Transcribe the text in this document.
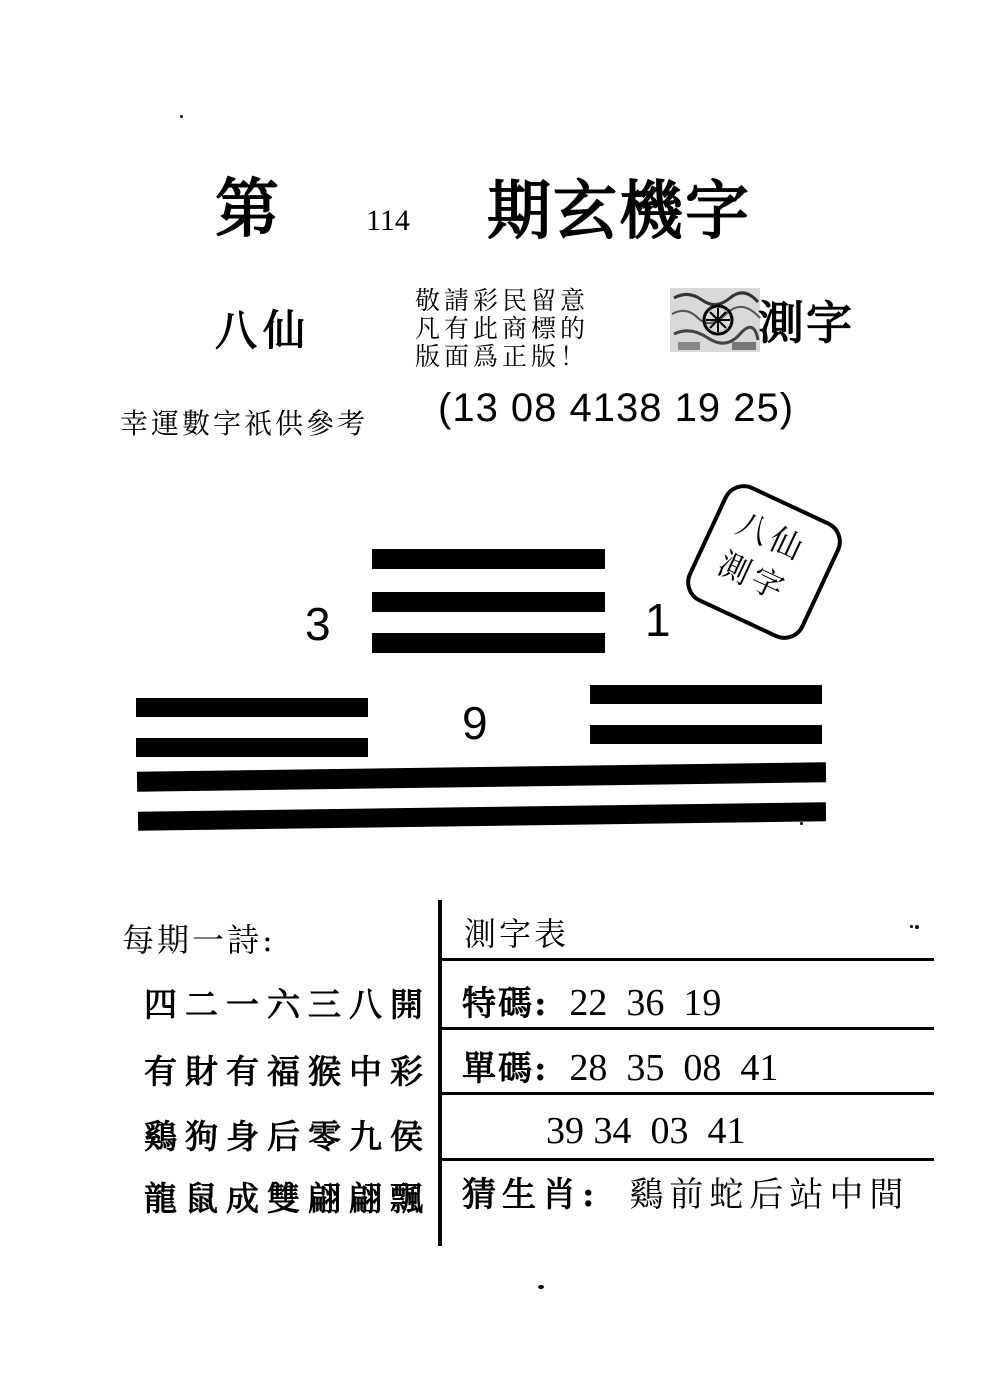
第	114 期玄機字
八仙
敬請彩民留意
凡有此商標的
版面爲正版！
測字
幸運數字祇供參考 (13 08 4138 19 25)
八仙
測字
3	1
9
每期一詩:
四二一六三八開
有財有福猴中彩
鷄狗身后零九侯
龍鼠成雙翩翩飄
測字表
特碼: 22  36  19
單碼: 28  35  08  41
39 34  03  41
猜生肖: 鷄前蛇后站中間
